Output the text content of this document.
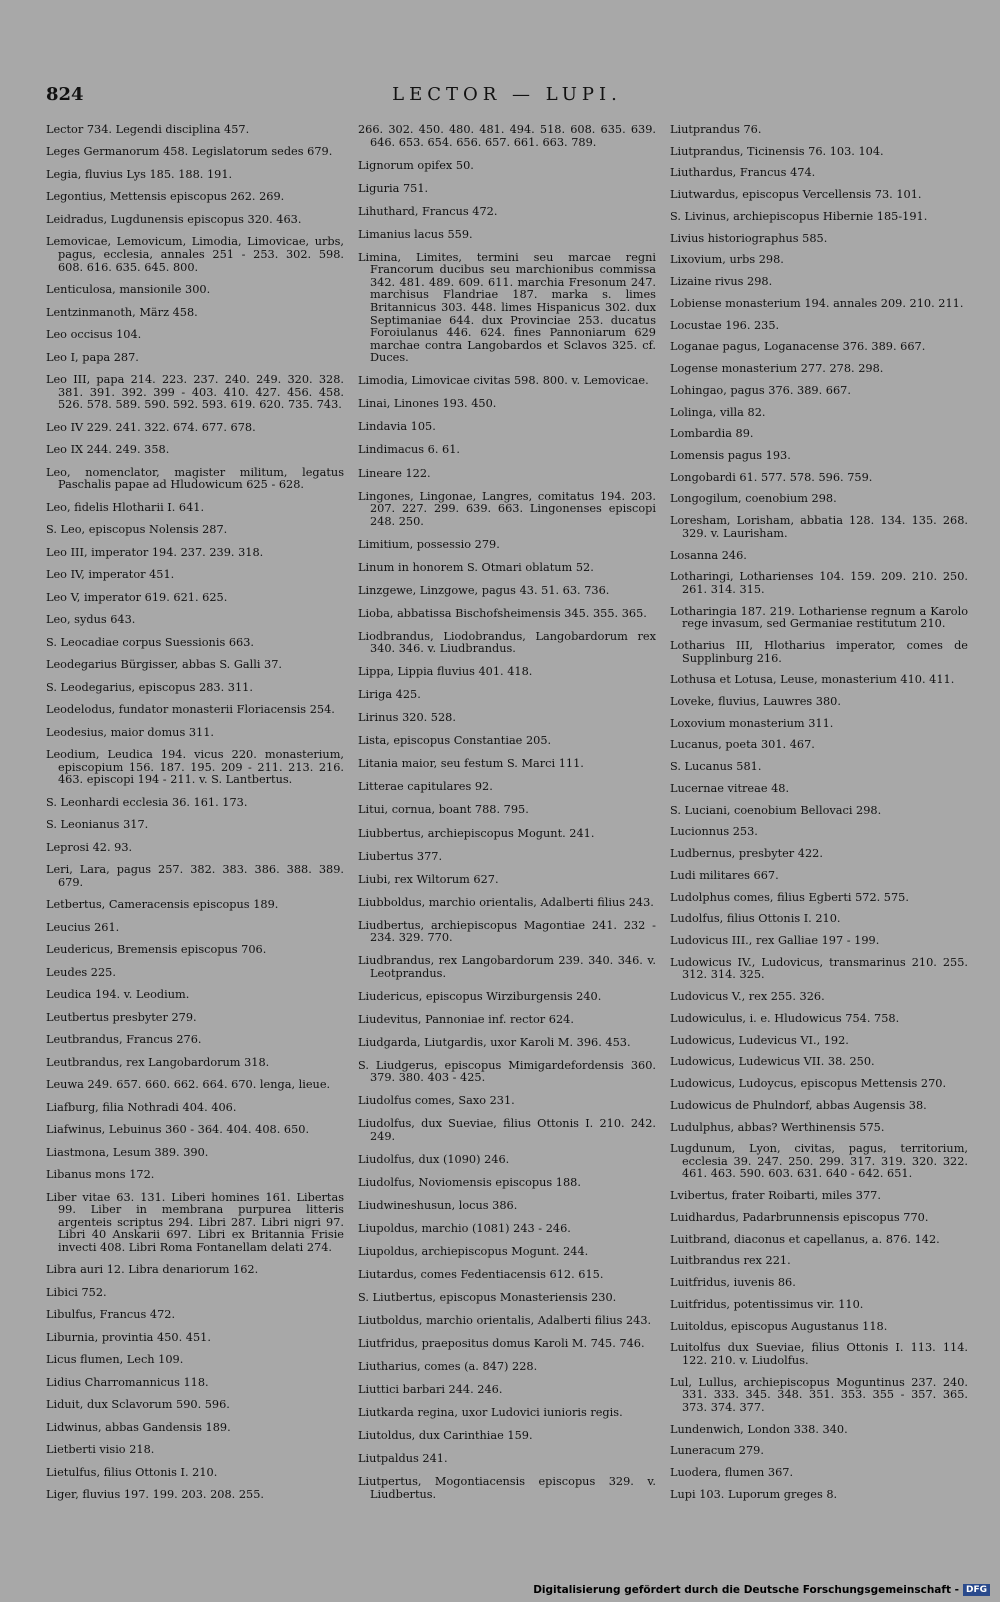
824	LECTOR — LUPI.
Lector 734. Legendi disciplina 457.
Leges Germanorum 458. Legislatorum sedes 679.
Legia, fluvius Lys 185. 188. 191.
Legontius, Mettensis episcopus 262. 269.
Leidradus, Lugdunensis episcopus 320. 463.
Lemovicae, Lemovicum, Limodia, Limovicae, urbs, pagus, ecclesia, annales 251 - 253. 302. 598. 608. 616. 635. 645. 800.
Lenticulosa, mansionile 300.
Lentzinmanoth, März 458.
Leo occisus 104.
Leo I, papa 287.
Leo III, papa 214. 223. 237. 240. 249. 320. 328. 381. 391. 392. 399 - 403. 410. 427. 456. 458. 526. 578. 589. 590. 592. 593. 619. 620. 735. 743.
Leo IV 229. 241. 322. 674. 677. 678.
Leo IX 244. 249. 358.
Leo, nomenclator, magister militum, legatus Paschalis papae ad Hludowicum 625 - 628.
Leo, fidelis Hlotharii I. 641.
S. Leo, episcopus Nolensis 287.
Leo III, imperator 194. 237. 239. 318.
Leo IV, imperator 451.
Leo V, imperator 619. 621. 625.
Leo, sydus 643.
S. Leocadiae corpus Suessionis 663.
Leodegarius Bürgisser, abbas S. Galli 37.
S. Leodegarius, episcopus 283. 311.
Leodelodus, fundator monasterii Floriacensis 254.
Leodesius, maior domus 311.
Leodium, Leudica 194. vicus 220. monasterium, episcopium 156. 187. 195. 209 - 211. 213. 216. 463. episcopi 194 - 211. v. S. Lantbertus.
S. Leonhardi ecclesia 36. 161. 173.
S. Leonianus 317.
Leprosi 42. 93.
Leri, Lara, pagus 257. 382. 383. 386. 388. 389. 679.
Letbertus, Cameracensis episcopus 189.
Leucius 261.
Leudericus, Bremensis episcopus 706.
Leudes 225.
Leudica 194. v. Leodium.
Leutbertus presbyter 279.
Leutbrandus, Francus 276.
Leutbrandus, rex Langobardorum 318.
Leuwa 249. 657. 660. 662. 664. 670. lenga, lieue.
Liafburg, filia Nothradi 404. 406.
Liafwinus, Lebuinus 360 - 364. 404. 408. 650.
Liastmona, Lesum 389. 390.
Libanus mons 172.
Liber vitae 63. 131. Liberi homines 161. Libertas 99. Liber in membrana purpurea litteris argenteis scriptus 294. Libri 287. Libri nigri 97. Libri 40 Anskarii 697. Libri ex Britannia Frisie invecti 408. Libri Roma Fontanellam delati 274.
Libra auri 12. Libra denariorum 162.
Libici 752.
Libulfus, Francus 472.
Liburnia, provintia 450. 451.
Licus flumen, Lech 109.
Lidius Charromannicus 118.
Liduit, dux Sclavorum 590. 596.
Lidwinus, abbas Gandensis 189.
Lietberti visio 218.
Lietulfus, filius Ottonis I. 210.
Liger, fluvius 197. 199. 203. 208. 255.
266. 302. 450. 480. 481. 494. 518. 608. 635. 639. 646. 653. 654. 656. 657. 661. 663. 789.
Lignorum opifex 50.
Liguria 751.
Lihuthard, Francus 472.
Limanius lacus 559.
Limina, Limites, termini seu marcae regni Francorum ducibus seu marchionibus commissa 342. 481. 489. 609. 611. marchia Fresonum 247. marchisus Flandriae 187. marka s. limes Britannicus 303. 448. limes Hispanicus 302. dux Septimaniae 644. dux Provinciae 253. ducatus Foroiulanus 446. 624. fines Pannoniarum 629 marchae contra Langobardos et Sclavos 325. cf. Duces.
Limodia, Limovicae civitas 598. 800. v. Lemovicae.
Linai, Linones 193. 450.
Lindavia 105.
Lindimacus 6. 61.
Lineare 122.
Lingones, Lingonae, Langres, comitatus 194. 203. 207. 227. 299. 639. 663. Lingonenses episcopi 248. 250.
Limitium, possessio 279.
Linum in honorem S. Otmari oblatum 52.
Linzgewe, Linzgowe, pagus 43. 51. 63. 736.
Lioba, abbatissa Bischofsheimensis 345. 355. 365.
Liodbrandus, Liodobrandus, Langobardorum rex 340. 346. v. Liudbrandus.
Lippa, Lippia fluvius 401. 418.
Liriga 425.
Lirinus 320. 528.
Lista, episcopus Constantiae 205.
Litania maior, seu festum S. Marci 111.
Litterae capitulares 92.
Litui, cornua, boant 788. 795.
Liubbertus, archiepiscopus Mogunt. 241.
Liubertus 377.
Liubi, rex Wiltorum 627.
Liubboldus, marchio orientalis, Adalberti filius 243.
Liudbertus, archiepiscopus Magontiae 241. 232 - 234. 329. 770.
Liudbrandus, rex Langobardorum 239. 340. 346. v. Leotprandus.
Liudericus, episcopus Wirziburgensis 240.
Liudevitus, Pannoniae inf. rector 624.
Liudgarda, Liutgardis, uxor Karoli M. 396. 453.
S. Liudgerus, episcopus Mimigardefordensis 360. 379. 380. 403 - 425.
Liudolfus comes, Saxo 231.
Liudolfus, dux Sueviae, filius Ottonis I. 210. 242. 249.
Liudolfus, dux (1090) 246.
Liudolfus, Noviomensis episcopus 188.
Liudwineshusun, locus 386.
Liupoldus, marchio (1081) 243 - 246.
Liupoldus, archiepiscopus Mogunt. 244.
Liutardus, comes Fedentiacensis 612. 615.
S. Liutbertus, episcopus Monasteriensis 230.
Liutboldus, marchio orientalis, Adalberti filius 243.
Liutfridus, praepositus domus Karoli M. 745. 746.
Liutharius, comes (a. 847) 228.
Liuttici barbari 244. 246.
Liutkarda regina, uxor Ludovici iunioris regis.
Liutoldus, dux Carinthiae 159.
Liutpaldus 241.
Liutpertus, Mogontiacensis episcopus 329. v. Liudbertus.
Liutprandus 76.
Liutprandus, Ticinensis 76. 103. 104.
Liuthardus, Francus 474.
Liutwardus, episcopus Vercellensis 73. 101.
S. Livinus, archiepiscopus Hibernie 185-191.
Livius historiographus 585.
Lixovium, urbs 298.
Lizaine rivus 298.
Lobiense monasterium 194. annales 209. 210. 211.
Locustae 196. 235.
Loganae pagus, Loganacense 376. 389. 667.
Logense monasterium 277. 278. 298.
Lohingao, pagus 376. 389. 667.
Lolinga, villa 82.
Lombardia 89.
Lomensis pagus 193.
Longobardi 61. 577. 578. 596. 759.
Longogilum, coenobium 298.
Loresham, Lorisham, abbatia 128. 134. 135. 268. 329. v. Laurisham.
Losanna 246.
Lotharingi, Lotharienses 104. 159. 209. 210. 250. 261. 314. 315.
Lotharingia 187. 219. Lothariense regnum a Karolo rege invasum, sed Germaniae restitutum 210.
Lotharius III, Hlotharius imperator, comes de Supplinburg 216.
Lothusa et Lotusa, Leuse, monasterium 410. 411.
Loveke, fluvius, Lauwres 380.
Loxovium monasterium 311.
Lucanus, poeta 301. 467.
S. Lucanus 581.
Lucernae vitreae 48.
S. Luciani, coenobium Bellovaci 298.
Lucionnus 253.
Ludbernus, presbyter 422.
Ludi militares 667.
Ludolphus comes, filius Egberti 572. 575.
Ludolfus, filius Ottonis I. 210.
Ludovicus III., rex Galliae 197 - 199.
Ludowicus IV., Ludovicus, transmarinus 210. 255. 312. 314. 325.
Ludovicus V., rex 255. 326.
Ludowiculus, i. e. Hludowicus 754. 758.
Ludowicus, Ludevicus VI., 192.
Ludowicus, Ludewicus VII. 38. 250.
Ludowicus, Ludoycus, episcopus Mettensis 270.
Ludowicus de Phulndorf, abbas Augensis 38.
Ludulphus, abbas? Werthinensis 575.
Lugdunum, Lyon, civitas, pagus, territorium, ecclesia 39. 247. 250. 299. 317. 319. 320. 322. 461. 463. 590. 603. 631. 640 - 642. 651.
Lvibertus, frater Roibarti, miles 377.
Luidhardus, Padarbrunnensis episcopus 770.
Luitbrand, diaconus et capellanus, a. 876. 142.
Luitbrandus rex 221.
Luitfridus, iuvenis 86.
Luitfridus, potentissimus vir. 110.
Luitoldus, episcopus Augustanus 118.
Luitolfus dux Sueviae, filius Ottonis I. 113. 114. 122. 210. v. Liudolfus.
Lul, Lullus, archiepiscopus Moguntinus 237. 240. 331. 333. 345. 348. 351. 353. 355 - 357. 365. 373. 374. 377.
Lundenwich, London 338. 340.
Luneracum 279.
Luodera, flumen 367.
Lupi 103. Luporum greges 8.
Digitalisierung gefördert durch die Deutsche Forschungsgemeinschaft - DFG
